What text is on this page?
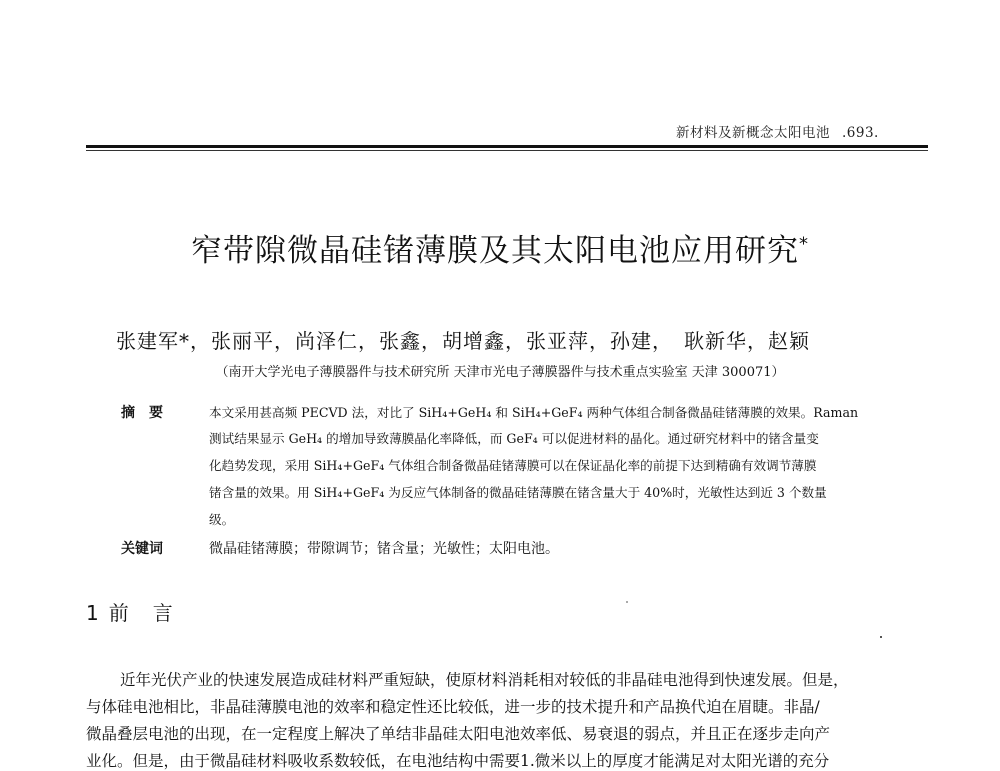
新材料及新概念太阳电池 .693.
窄带隙微晶硅锗薄膜及其太阳电池应用研究*
张建军*，张丽平，尚泽仁，张鑫，胡增鑫，张亚萍，孙建，　耿新华，赵颖
（南开大学光电子薄膜器件与技术研究所 天津市光电子薄膜器件与技术重点实验室 天津 300071）
摘要	本文采用甚高频 PECVD 法，对比了 SiH₄+GeH₄ 和 SiH₄+GeF₄ 两种气体组合制备微晶硅锗薄膜的效果。Raman
测试结果显示 GeH₄ 的增加导致薄膜晶化率降低，而 GeF₄ 可以促进材料的晶化。通过研究材料中的锗含量变
化趋势发现，采用 SiH₄+GeF₄ 气体组合制备微晶硅锗薄膜可以在保证晶化率的前提下达到精确有效调节薄膜
锗含量的效果。用 SiH₄+GeF₄ 为反应气体制备的微晶硅锗薄膜在锗含量大于 40%时，光敏性达到近 3 个数量
级。
关键词	微晶硅锗薄膜；带隙调节；锗含量；光敏性；太阳电池。
1 前言
近年光伏产业的快速发展造成硅材料严重短缺，使原材料消耗相对较低的非晶硅电池得到快速发展。但是，
与体硅电池相比，非晶硅薄膜电池的效率和稳定性还比较低，进一步的技术提升和产品换代迫在眉睫。非晶/
微晶叠层电池的出现，在一定程度上解决了单结非晶硅太阳电池效率低、易衰退的弱点，并且正在逐步走向产
业化。但是，由于微晶硅材料吸收系数较低，在电池结构中需要1.微米以上的厚度才能满足对太阳光谱的充分
